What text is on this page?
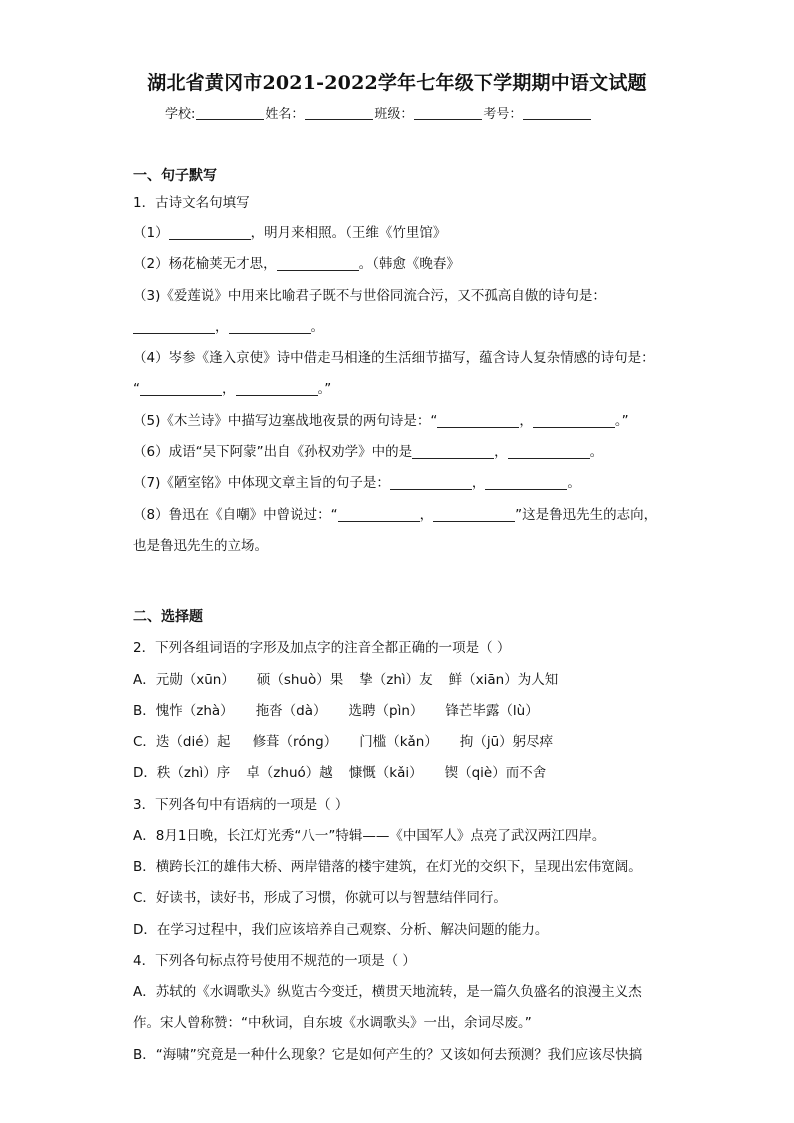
湖北省黄冈市2021-2022学年七年级下学期期中语文试题
学校:	姓名：	班级：	考号：
一、句子默写
1．古诗文名句填写
（1）	，明月来相照。（王维《竹里馆》
（2）杨花榆荚无才思，	。（韩愈《晚春》
（3)《爱莲说》中用来比喻君子既不与世俗同流合污，又不孤高自傲的诗句是：
，	。
（4）岑参《逢入京使》诗中借走马相逢的生活细节描写，蕴含诗人复杂情感的诗句是：
“	，	。”
（5)《木兰诗》中描写边塞战地夜景的两句诗是：“	，	。”
（6）成语“吴下阿蒙”出自《孙权劝学》中的是	，	。
（7)《陋室铭》中体现文章主旨的句子是：	，	。
（8）鲁迅在《自嘲》中曾说过：“	，	”这是鲁迅先生的志向，
也是鲁迅先生的立场。
二、选择题
2．下列各组词语的字形及加点字的注音全都正确的一项是（ ）
A．元勋（xūn） 硕（shuò）果 挚（zhì）友 鲜（xiān）为人知
B．愧怍（zhà） 拖沓（dà） 选聘（pìn） 锋芒毕露（lù）
C．迭（dié）起 修葺（róng） 门槛（kǎn） 拘（jū）躬尽瘁
D．秩（zhì）序 卓（zhuó）越 慷慨（kǎi） 锲（qiè）而不舍
3．下列各句中有语病的一项是（ ）
A．8月1日晚，长江灯光秀“八一”特辑——《中国军人》点亮了武汉两江四岸。
B．横跨长江的雄伟大桥、两岸错落的楼宇建筑，在灯光的交织下，呈现出宏伟宽阔。
C．好读书，读好书，形成了习惯，你就可以与智慧结伴同行。
D．在学习过程中，我们应该培养自己观察、分析、解决问题的能力。
4．下列各句标点符号使用不规范的一项是（ ）
A．苏轼的《水调歌头》纵览古今变迁，横贯天地流转，是一篇久负盛名的浪漫主义杰
作。宋人曾称赞：“中秋词，自东坡《水调歌头》一出，余词尽废。”
B．“海啸”究竟是一种什么现象？它是如何产生的？又该如何去预测？我们应该尽快搞
